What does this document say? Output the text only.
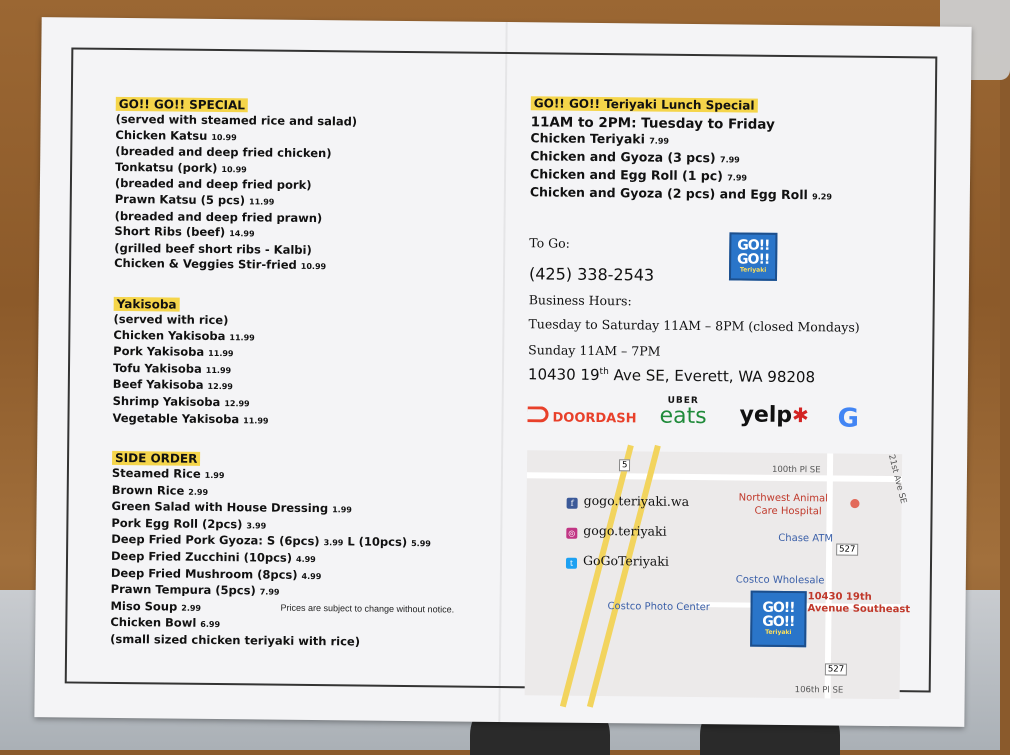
GO!! GO!! SPECIAL
(served with steamed rice and salad)
Chicken Katsu 10.99
(breaded and deep fried chicken)
Tonkatsu (pork) 10.99
(breaded and deep fried pork)
Prawn Katsu (5 pcs) 11.99
(breaded and deep fried prawn)
Short Ribs (beef) 14.99
(grilled beef short ribs - Kalbi)
Chicken & Veggies Stir-fried 10.99
Yakisoba
(served with rice)
Chicken Yakisoba 11.99
Pork Yakisoba 11.99
Tofu Yakisoba 11.99
Beef Yakisoba 12.99
Shrimp Yakisoba 12.99
Vegetable Yakisoba 11.99
SIDE ORDER
Steamed Rice 1.99
Brown Rice 2.99
Green Salad with House Dressing 1.99
Pork Egg Roll (2pcs) 3.99
Deep Fried Pork Gyoza: S (6pcs) 3.99 L (10pcs) 5.99
Deep Fried Zucchini (10pcs) 4.99
Deep Fried Mushroom (8pcs) 4.99
Prawn Tempura (5pcs) 7.99
Miso Soup 2.99
Chicken Bowl 6.99
(small sized chicken teriyaki with rice)
Prices are subject to change without notice.
GO!! GO!! Teriyaki Lunch Special
11AM to 2PM: Tuesday to Friday
Chicken Teriyaki 7.99
Chicken and Gyoza (3 pcs) 7.99
Chicken and Egg Roll (1 pc) 7.99
Chicken and Gyoza (2 pcs) and Egg Roll 9.29
To Go:
(425) 338-2543
Business Hours:
Tuesday to Saturday 11AM – 8PM (closed Mondays)
Sunday 11AM – 7PM
10430 19th Ave SE, Everett, WA 98208
GO!!
GO!!
Teriyaki
DOORDASH
UBER
eats yelp✱ G
100th Pl SE	21st Ave SE
106th Pl SE
Northwest Animal
Care Hospital
●
Chase ATM
Costco Wholesale
Costco Photo Center
10430 19th
Avenue Southeast
527
527
5
GO!!
GO!!
Teriyaki
f gogo.teriyaki.wa
◎ gogo.teriyaki
t GoGoTeriyaki
